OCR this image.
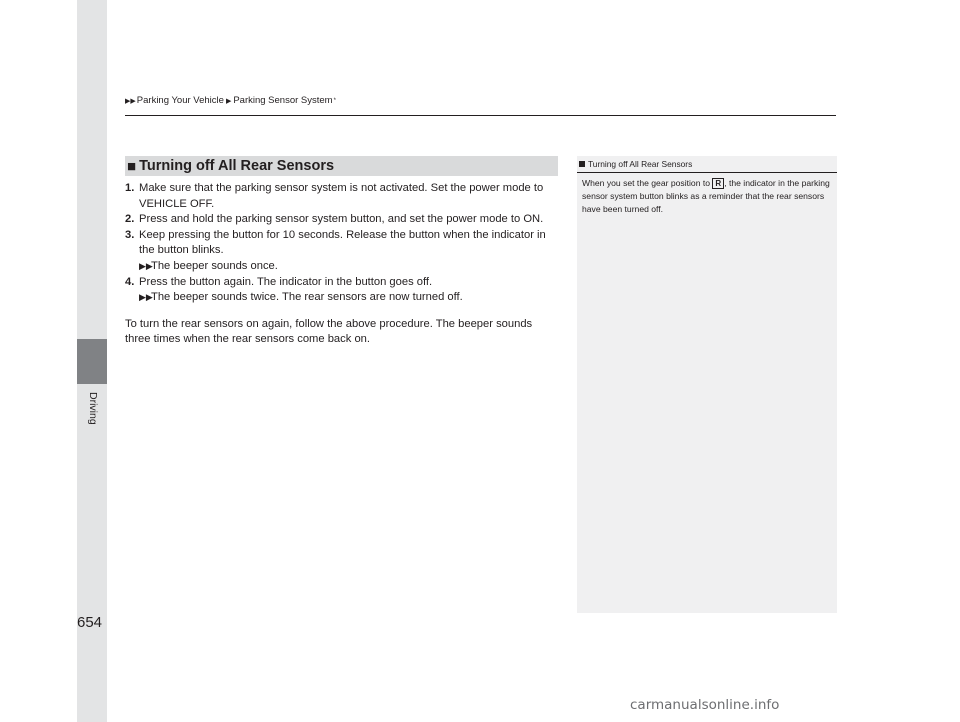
Driving
▶▶ Parking Your Vehicle ▶ Parking Sensor System *
■ Turning off All Rear Sensors
1. Make sure that the parking sensor system is not activated. Set the power mode to VEHICLE OFF.
2. Press and hold the parking sensor system button, and set the power mode to ON.
3. Keep pressing the button for 10 seconds. Release the button when the indicator in the button blinks.
▶▶
The beeper sounds once.
4. Press the button again. The indicator in the button goes off.
▶▶
The beeper sounds twice. The rear sensors are now turned off.
To turn the rear sensors on again, follow the above procedure. The beeper sounds three times when the rear sensors come back on.
Turning off All Rear Sensors
When you set the gear position to R , the indicator in the parking sensor system button blinks as a reminder that the rear sensors have been turned off.
654
carmanualsonline.info
